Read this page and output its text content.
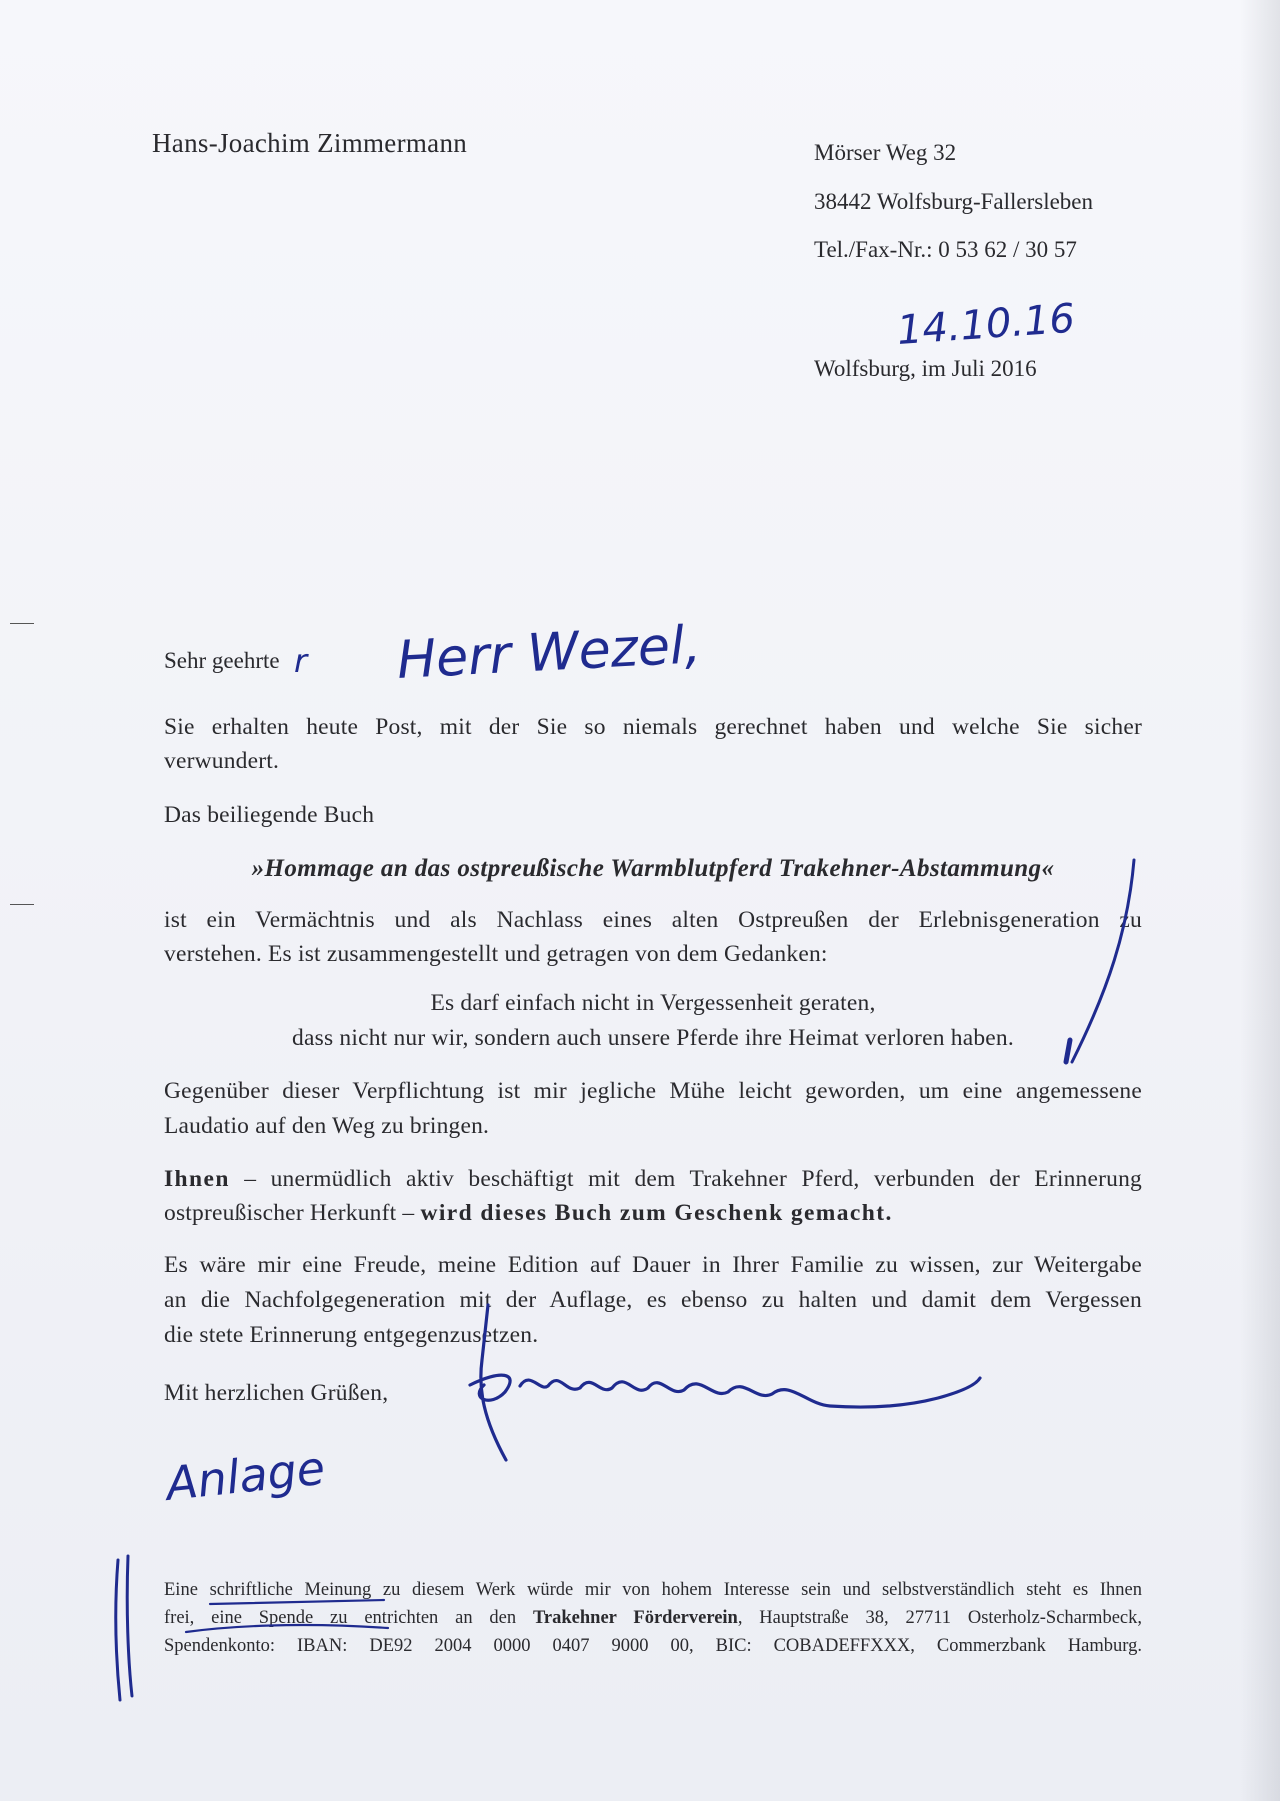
Hans-Joachim Zimmermann	Mörser Weg 32
38442 Wolfsburg-Fallersleben
Tel./Fax-Nr.: 0 53 62 / 30 57
Wolfsburg, im Juli 2016
Sehr geehrte
Sie erhalten heute Post, mit der Sie so niemals gerechnet haben und welche Sie sicher
verwundert.
Das beiliegende Buch
»Hommage an das ostpreußische Warmblutpferd Trakehner-Abstammung«
ist ein Vermächtnis und als Nachlass eines alten Ostpreußen der Erlebnisgeneration zu
verstehen. Es ist zusammengestellt und getragen von dem Gedanken:
Es darf einfach nicht in Vergessenheit geraten,
dass nicht nur wir, sondern auch unsere Pferde ihre Heimat verloren haben.
Gegenüber dieser Verpflichtung ist mir jegliche Mühe leicht geworden, um eine angemessene
Laudatio auf den Weg zu bringen.
Ihnen – unermüdlich aktiv beschäftigt mit dem Trakehner Pferd, verbunden der Erinnerung
ostpreußischer Herkunft – wird dieses Buch zum Geschenk gemacht.
Es wäre mir eine Freude, meine Edition auf Dauer in Ihrer Familie zu wissen, zur Weitergabe
an die Nachfolgegeneration mit der Auflage, es ebenso zu halten und damit dem Vergessen
die stete Erinnerung entgegenzusetzen.
Mit herzlichen Grüßen,
Eine schriftliche Meinung zu diesem Werk würde mir von hohem Interesse sein und selbstverständlich steht es Ihnen
frei, eine Spende zu entrichten an den Trakehner Förderverein, Hauptstraße 38, 27711 Osterholz-Scharmbeck,
Spendenkonto: IBAN: DE92 2004 0000 0407 9000 00, BIC: COBADEFFXXX, Commerzbank Hamburg.
14.10.16
r Herr Wezel,
Anlage
